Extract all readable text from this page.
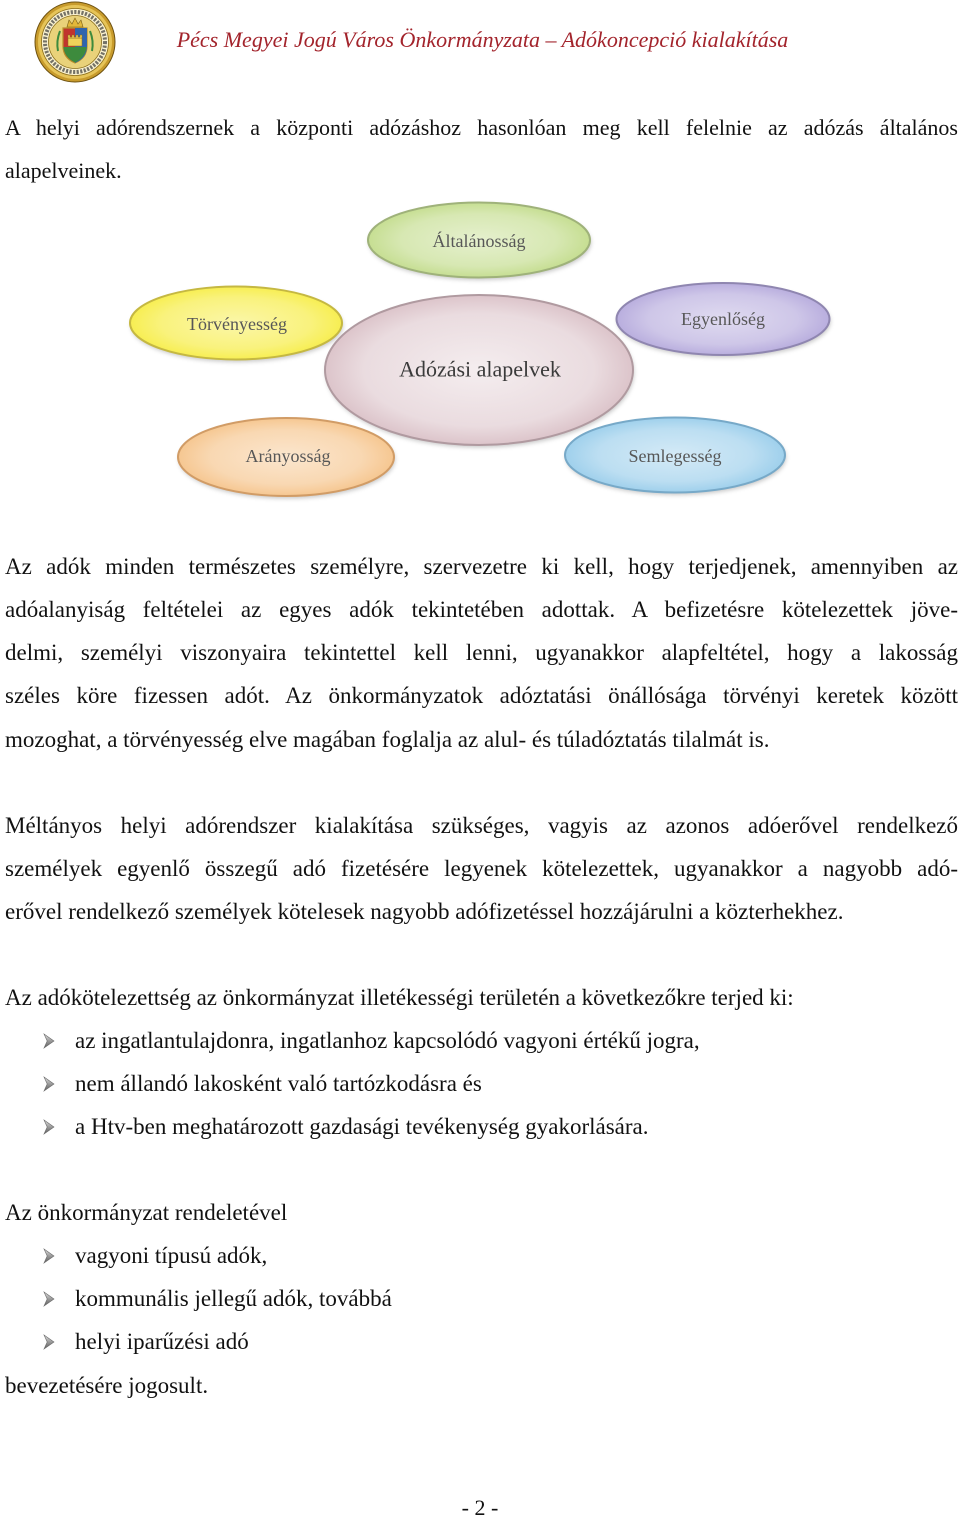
Pécs Megyei Jogú Város Önkormányzata – Adókoncepció kialakítása
A helyi adórendszernek a központi adózáshoz hasonlóan meg kell felelnie az adózás általános
alapelveinek.
Általánosság
Törvényesség	Egyenlőség
Arányosság	Semlegesség
Adózási alapelvek
Az adók minden természetes személyre, szervezetre ki kell, hogy terjedjenek, amennyiben az
adóalanyiság feltételei az egyes adók tekintetében adottak. A befizetésre kötelezettek jöve-
delmi, személyi viszonyaira tekintettel kell lenni, ugyanakkor alapfeltétel, hogy a lakosság
széles köre fizessen adót. Az önkormányzatok adóztatási önállósága törvényi keretek között
mozoghat, a törvényesség elve magában foglalja az alul- és túladóztatás tilalmát is.
Méltányos helyi adórendszer kialakítása szükséges, vagyis az azonos adóerővel rendelkező
személyek egyenlő összegű adó fizetésére legyenek kötelezettek, ugyanakkor a nagyobb adó-
erővel rendelkező személyek kötelesek nagyobb adófizetéssel hozzájárulni a közterhekhez.
Az adókötelezettség az önkormányzat illetékességi területén a következőkre terjed ki:
az ingatlantulajdonra, ingatlanhoz kapcsolódó vagyoni értékű jogra,
nem állandó lakosként való tartózkodásra és
a Htv-ben meghatározott gazdasági tevékenység gyakorlására.
Az önkormányzat rendeletével
vagyoni típusú adók,
kommunális jellegű adók, továbbá
helyi iparűzési adó
bevezetésére jogosult.
- 2 -
